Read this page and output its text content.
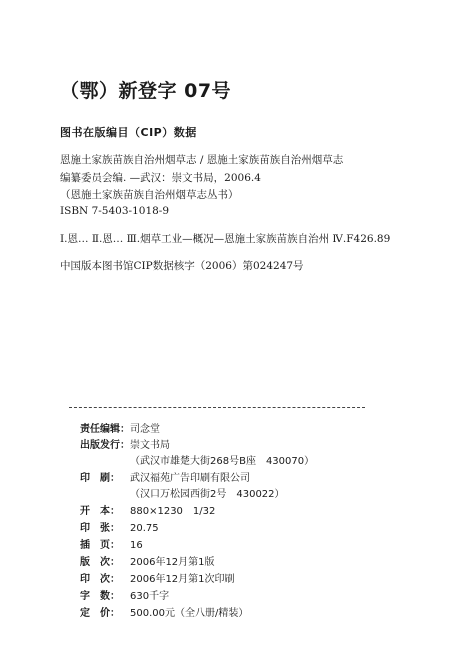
（鄂）新登字 07号
图书在版编目（CIP）数据
恩施土家族苗族自治州烟草志 / 恩施土家族苗族自治州烟草志
编纂委员会编. —武汉：崇文书局，2006.4
（恩施土家族苗族自治州烟草志丛书）
ISBN 7-5403-1018-9
Ⅰ.恩… Ⅱ.恩… Ⅲ.烟草工业—概况—恩施土家族苗族自治州 Ⅳ.F426.89
中国版本图书馆CIP数据核字（2006）第024247号
责任编辑：司念堂
出版发行：崇文书局
（武汉市雄楚大街268号B座　430070）
印　刷： 武汉福苑广告印刷有限公司
（汉口万松园西街2号　430022）
开　本： 880×1230　1/32
印　张： 20.75
插　页： 16
版　次： 2006年12月第1版
印　次： 2006年12月第1次印刷
字　数： 630千字
定　价： 500.00元（全八册/精装）
